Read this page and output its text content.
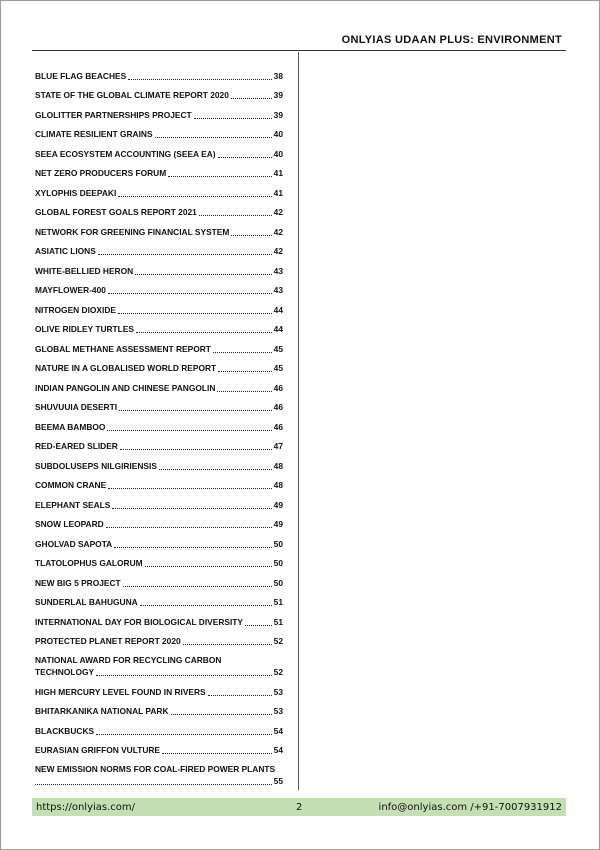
ONLYIAS UDAAN PLUS: ENVIRONMENT
BLUE FLAG BEACHES	38
STATE OF THE GLOBAL CLIMATE REPORT 2020	39
GLOLITTER PARTNERSHIPS PROJECT	39
CLIMATE RESILIENT GRAINS	40
SEEA ECOSYSTEM ACCOUNTING (SEEA EA)	40
NET ZERO PRODUCERS FORUM	41
XYLOPHIS DEEPAKI	41
GLOBAL FOREST GOALS REPORT 2021	42
NETWORK FOR GREENING FINANCIAL SYSTEM	42
ASIATIC LIONS	42
WHITE-BELLIED HERON	43
MAYFLOWER-400	43
NITROGEN DIOXIDE	44
OLIVE RIDLEY TURTLES	44
GLOBAL METHANE ASSESSMENT REPORT	45
NATURE IN A GLOBALISED WORLD REPORT	45
INDIAN PANGOLIN AND CHINESE PANGOLIN	46
SHUVUUIA DESERTI	46
BEEMA BAMBOO	46
RED-EARED SLIDER	47
SUBDOLUSEPS NILGIRIENSIS	48
COMMON CRANE	48
ELEPHANT SEALS	49
SNOW LEOPARD	49
GHOLVAD SAPOTA	50
TLATOLOPHUS GALORUM	50
NEW BIG 5 PROJECT	50
SUNDERLAL BAHUGUNA	51
INTERNATIONAL DAY FOR BIOLOGICAL DIVERSITY	51
PROTECTED PLANET REPORT 2020	52
NATIONAL AWARD FOR RECYCLING CARBON
TECHNOLOGY	52
HIGH MERCURY LEVEL FOUND IN RIVERS	53
BHITARKANIKA NATIONAL PARK	53
BLACKBUCKS	54
EURASIAN GRIFFON VULTURE	54
NEW EMISSION NORMS FOR COAL-FIRED POWER PLANTS
55
https://onlyias.com/	2	info@onlyias.com /+91-7007931912
